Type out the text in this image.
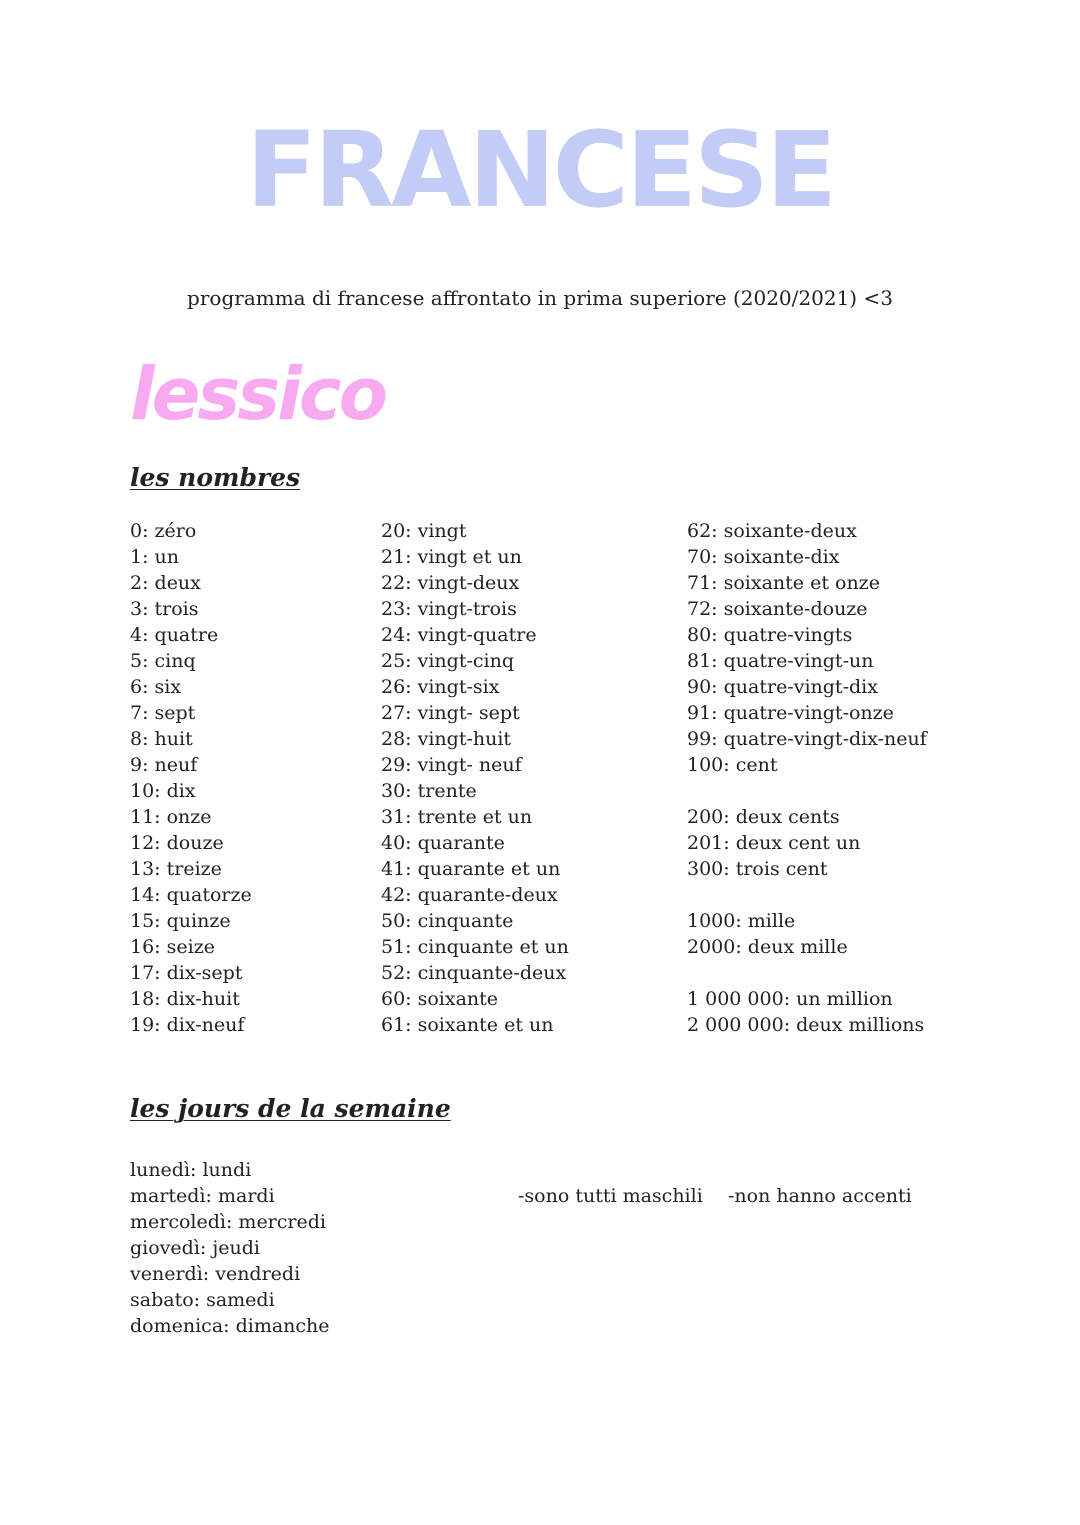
FRANCESE

programma di francese affrontato in prima superiore (2020/2021) <3

lessico
les nombres
0: zéro
1: un
2: deux
3: trois
4: quatre
5: cinq
6: six
7: sept
8: huit
9: neuf
10: dix
11: onze
12: douze
13: treize
14: quatorze
15: quinze
16: seize
17: dix-sept
18: dix-huit
19: dix-neuf
20: vingt
21: vingt et un
22: vingt-deux
23: vingt-trois
24: vingt-quatre
25: vingt-cinq
26: vingt-six
27: vingt- sept
28: vingt-huit
29: vingt- neuf
30: trente
31: trente et un
40: quarante
41: quarante et un
42: quarante-deux
50: cinquante
51: cinquante et un
52: cinquante-deux
60: soixante
61: soixante et un
62: soixante-deux
70: soixante-dix
71: soixante et onze
72: soixante-douze
80: quatre-vingts
81: quatre-vingt-un
90: quatre-vingt-dix
91: quatre-vingt-onze
99: quatre-vingt-dix-neuf
100: cent
200: deux cents
201: deux cent un
300: trois cent
1000: mille
2000: deux mille
1 000 000: un million
2 000 000: deux millions
les jours de la semaine
lunedì: lundi
martedì: mardi
mercoledì: mercredi
giovedì: jeudi
venerdì: vendredi
sabato: samedi
domenica: dimanche

-sono tutti maschili -non hanno accenti
